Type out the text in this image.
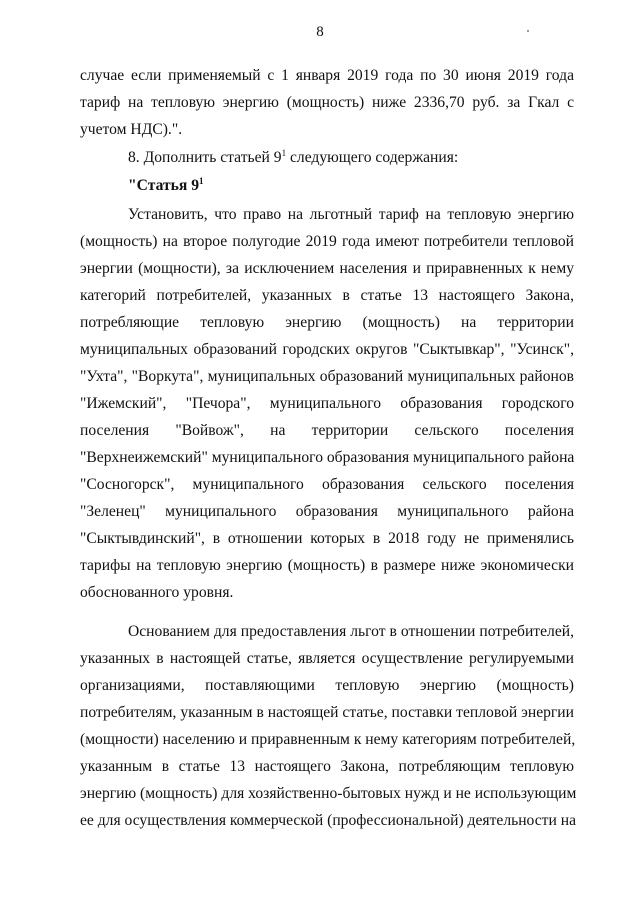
8

случае если применяемый с 1 января 2019 года по 30 июня 2019 года
тариф на тепловую энергию (мощность) ниже 2336,70 руб. за Гкал с
учетом НДС).".

8. Дополнить статьей $9^1$ следующего содержания:

"Статья $9^1$

Установить, что право на льготный тариф на тепловую энергию
(мощность) на второе полугодие 2019 года имеют потребители тепловой
энергии (мощности), за исключением населения и приравненных к нему
категорий потребителей, указанных в статье 13 настоящего Закона,
потребляющие тепловую энергию (мощность) на территории
муниципальных образований городских округов "Сыктывкар", "Усинск",
"Ухта", "Воркута", муниципальных образований муниципальных районов
"Ижемский", "Печора", муниципального образования городского
поселения "Войвож", на территории сельского поселения
"Верхнеижемский" муниципального образования муниципального района
"Сосногорск", муниципального образования сельского поселения
"Зеленец" муниципального образования муниципального района
"Сыктывдинский", в отношении которых в 2018 году не применялись
тарифы на тепловую энергию (мощность) в размере ниже экономически
обоснованного уровня.

Основанием для предоставления льгот в отношении потребителей,
указанных в настоящей статье, является осуществление регулируемыми
организациями, поставляющими тепловую энергию (мощность)
потребителям, указанным в настоящей статье, поставки тепловой энергии
(мощности) населению и приравненным к нему категориям потребителей,
указанным в статье 13 настоящего Закона, потребляющим тепловую
энергию (мощность) для хозяйственно-бытовых нужд и не использующим
ее для осуществления коммерческой (профессиональной) деятельности на
